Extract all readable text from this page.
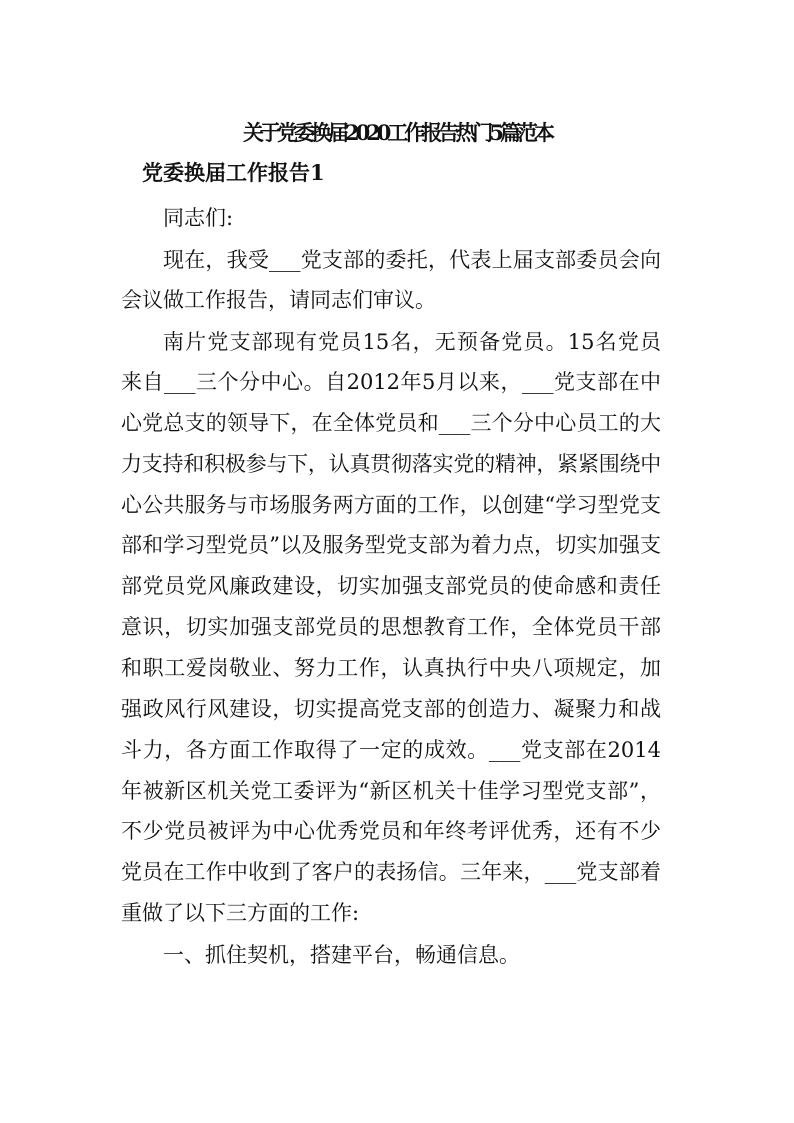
关于党委换届2020工作报告热门5篇范本
党委换届工作报告1
同志们:
现在，我受___党支部的委托，代表上届支部委员会向
会议做工作报告，请同志们审议。
南片党支部现有党员15名，无预备党员。15名党员
来自___三个分中心。自2012年5月以来，___党支部在中
心党总支的领导下，在全体党员和___三个分中心员工的大
力支持和积极参与下，认真贯彻落实党的精神，紧紧围绕中
心公共服务与市场服务两方面的工作，以创建“学习型党支
部和学习型党员”以及服务型党支部为着力点，切实加强支
部党员党风廉政建设，切实加强支部党员的使命感和责任
意识，切实加强支部党员的思想教育工作，全体党员干部
和职工爱岗敬业、努力工作，认真执行中央八项规定，加
强政风行风建设，切实提高党支部的创造力、凝聚力和战
斗力，各方面工作取得了一定的成效。___党支部在2014
年被新区机关党工委评为“新区机关十佳学习型党支部”，
不少党员被评为中心优秀党员和年终考评优秀，还有不少
党员在工作中收到了客户的表扬信。三年来，___党支部着
重做了以下三方面的工作:
一、抓住契机，搭建平台，畅通信息。
